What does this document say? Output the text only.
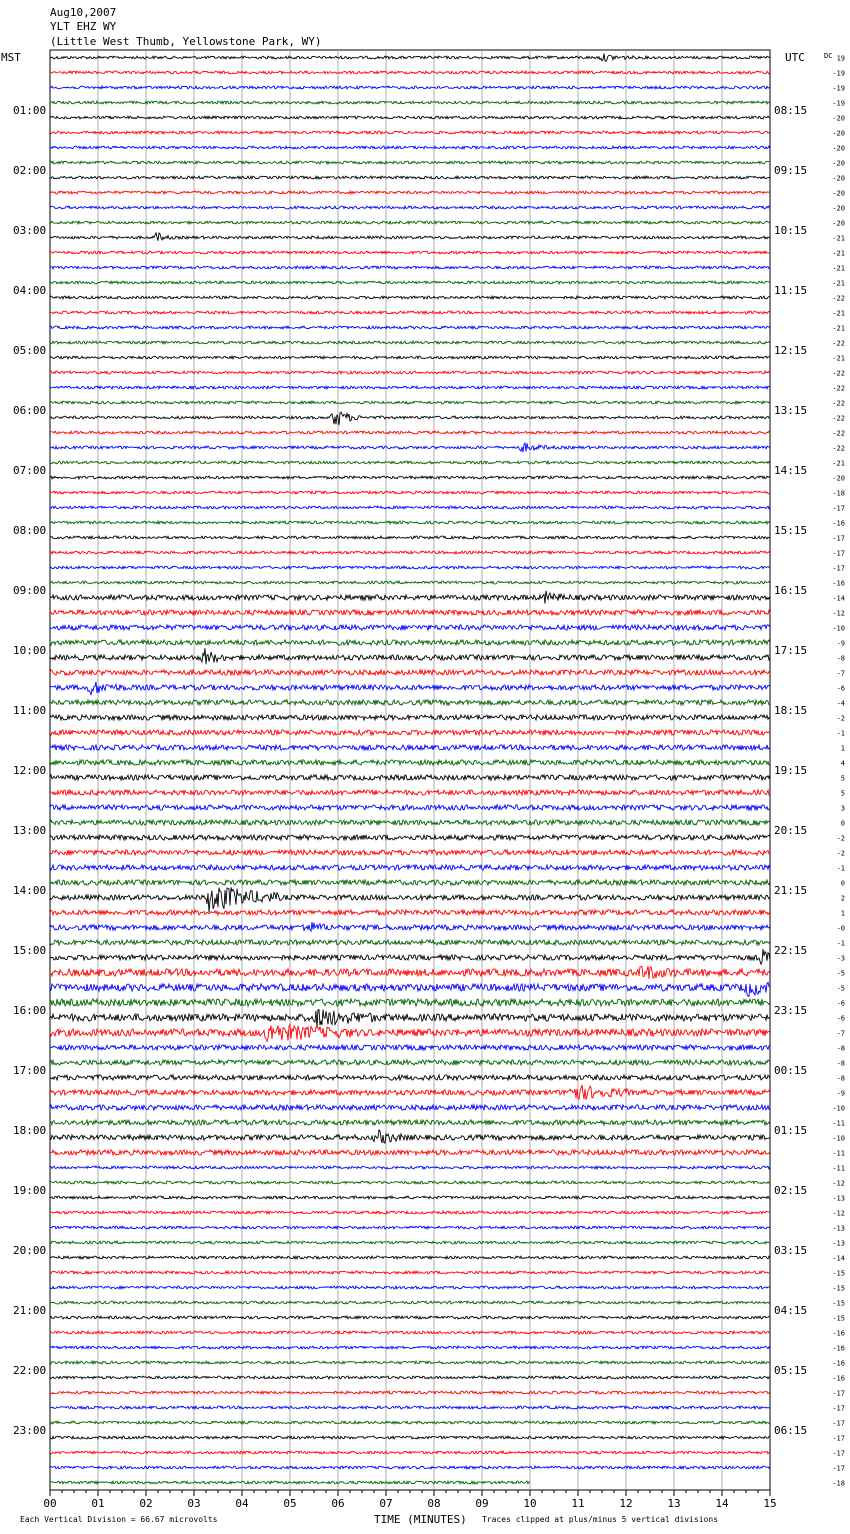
Aug10,2007
YLT EHZ WY
(Little West Thumb, Yellowstone Park, WY)
MST	UTC	DC
01:00
02:00
03:00
04:00
05:00
06:00
07:00
08:00
09:00
10:00
11:00
12:00
13:00
14:00
15:00
16:00
17:00
18:00
19:00
20:00
21:00
22:00
23:00
08:15
09:15
10:15
11:15
12:15
13:15
14:15
15:15
16:15
17:15
18:15
19:15
20:15
21:15
22:15
23:15
00:15
01:15
02:15
03:15
04:15
05:15
06:15
19
-19
-19
-19
-20
-20
-20
-20
-20
-20
-20
-20
-21
-21
-21
-21
-22
-21
-21
-22
-21
-22
-22
-22
-22
-22
-22
-21
-20
-18
-17
-16
-17
-17
-17
-16
-14
-12
-10
-9
-8
-7
-6
-4
-2
-1
1
4
5
5
3
0
-2
-2
-1
0
2
1
-0
-1
-3
-5
-5
-6
-6
-7
-8
-8
-8
-9
-10
-11
-10
-11
-11
-12
-13
-12
-13
-13
-14
-15
-15
-15
-15
-16
-16
-16
-16
-17
-17
-17
-17
-17
-17
-18
00	01	02	03	04	05	06	07	08	09	10	11	12	13	14	15
Each Vertical Division = 66.67 microvolts	TIME (MINUTES) Traces clipped at plus/minus 5 vertical divisions
